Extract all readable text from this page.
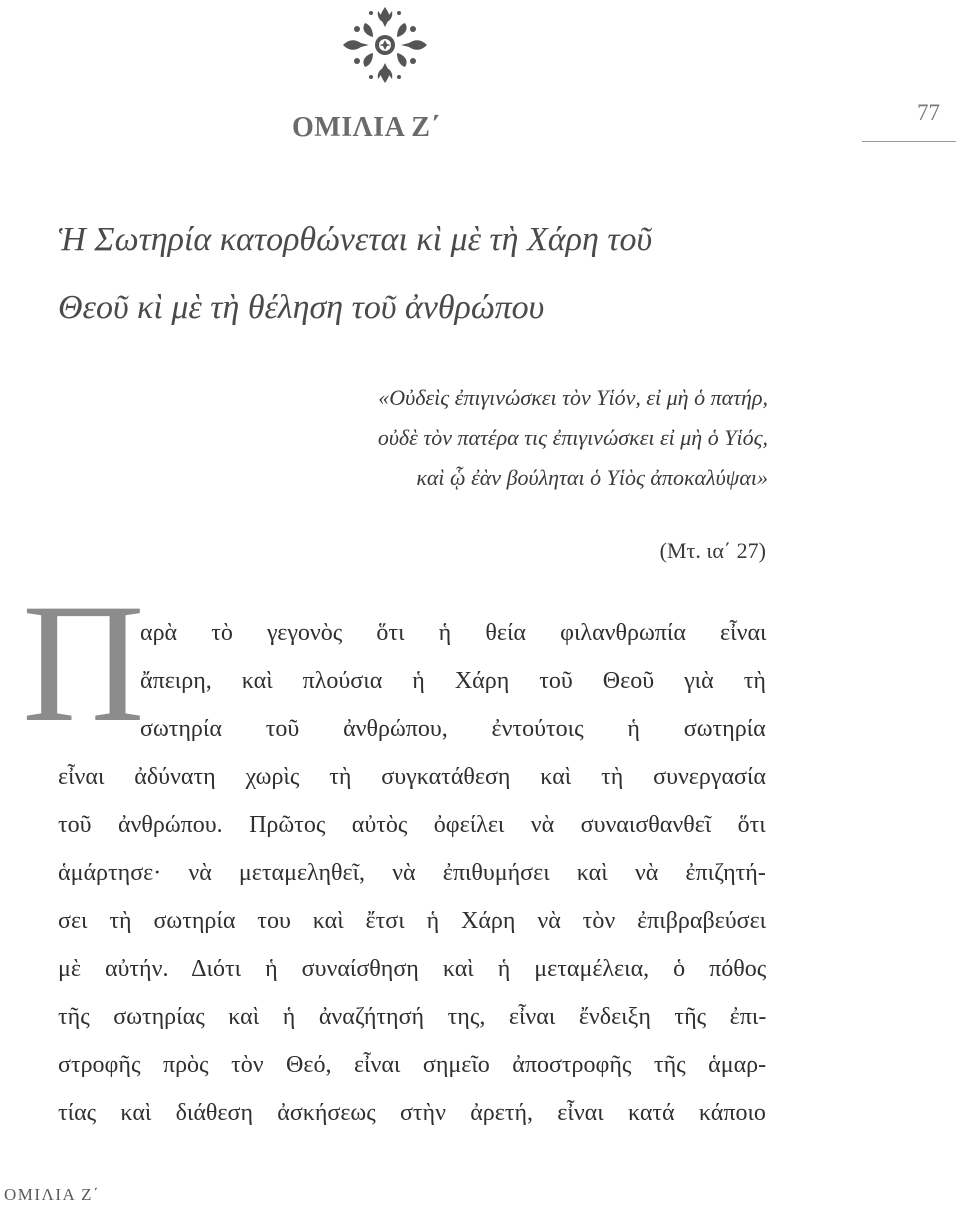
77
ΟΜΙΛΙΑ Ζ΄
Ἡ Σωτηρία κατορθώνεται κὶ μὲ τὴ Χάρη τοῦ
Θεοῦ κὶ μὲ τὴ θέληση τοῦ ἀνθρώπου
«Οὐδεὶς ἐπιγινώσκει τὸν Υἱόν, εἰ μὴ ὁ πατήρ,
οὐδὲ τὸν πατέρα τις ἐπιγινώσκει εἰ μὴ ὁ Υἱός,
καὶ ᾧ ἐὰν βούληται ὁ Υἱὸς ἀποκαλύψαι»
(Μτ. ια΄ 27)
Π
αρὰ τὸ γεγονὸς ὅτι ἡ θεία φιλανθρωπία εἶναι
ἄπειρη, καὶ πλούσια ἡ Χάρη τοῦ Θεοῦ γιὰ τὴ
σωτηρία τοῦ ἀνθρώπου, ἐντούτοις ἡ σωτηρία
εἶναι ἀδύνατη χωρὶς τὴ συγκατάθεση καὶ τὴ συνεργασία
τοῦ ἀνθρώπου. Πρῶτος αὐτὸς ὀφείλει νὰ συναισθανθεῖ ὅτι
ἁμάρτησε· νὰ μεταμεληθεῖ, νὰ ἐπιθυμήσει καὶ νὰ ἐπιζητή-
σει τὴ σωτηρία του καὶ ἔτσι ἡ Χάρη νὰ τὸν ἐπιβραβεύσει
μὲ αὐτήν. Διότι ἡ συναίσθηση καὶ ἡ μεταμέλεια, ὁ πόθος
τῆς σωτηρίας καὶ ἡ ἀναζήτησή της, εἶναι ἔνδειξη τῆς ἐπι-
στροφῆς πρὸς τὸν Θεό, εἶναι σημεῖο ἀποστροφῆς τῆς ἁμαρ-
τίας καὶ διάθεση ἀσκήσεως στὴν ἀρετή, εἶναι κατά κάποιο
ΟΜΙΛΙΑ Ζ΄
